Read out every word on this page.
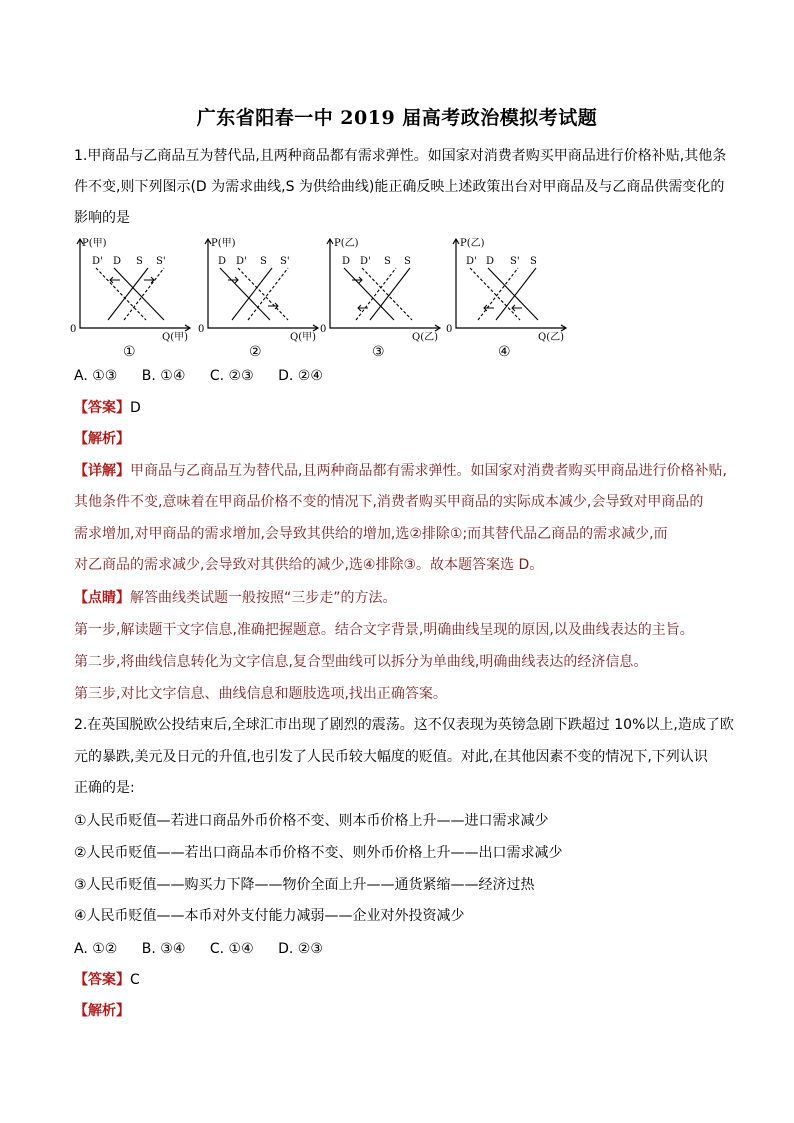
广东省阳春一中 2019 届高考政治模拟考试题
1.甲商品与乙商品互为替代品,且两种商品都有需求弹性。如国家对消费者购买甲商品进行价格补贴,其他条
件不变,则下列图示(D 为需求曲线,S 为供给曲线)能正确反映上述政策出台对甲商品及与乙商品供需变化的
影响的是
P(甲)
0
Q(甲)
D' D S S'
①
P(甲)
0
Q(甲)
D D' S S'
②
P(乙)
0
Q(乙)
D D' S S
③
P(乙)
0
Q(乙)
D' D S' S
④
A. ①③ B. ①④ C. ②③ D. ②④
【答案】D
【解析】
【详解】甲商品与乙商品互为替代品,且两种商品都有需求弹性。如国家对消费者购买甲商品进行价格补贴,
其他条件不变,意味着在甲商品价格不变的情况下,消费者购买甲商品的实际成本减少,会导致对甲商品的
需求增加,对甲商品的需求增加,会导致其供给的增加,选②排除①;而其替代品乙商品的需求减少,而
对乙商品的需求减少,会导致对其供给的减少,选④排除③。故本题答案选 D。
【点睛】解答曲线类试题一般按照“三步走”的方法。
第一步,解读题干文字信息,准确把握题意。结合文字背景,明确曲线呈现的原因,以及曲线表达的主旨。
第二步,将曲线信息转化为文字信息,复合型曲线可以拆分为单曲线,明确曲线表达的经济信息。
第三步,对比文字信息、曲线信息和题肢选项,找出正确答案。
2.在英国脱欧公投结束后,全球汇市出现了剧烈的震荡。这不仅表现为英镑急剧下跌超过 10%以上,造成了欧
元的暴跌,美元及日元的升值,也引发了人民币较大幅度的贬值。对此,在其他因素不变的情况下,下列认识
正确的是:
①人民币贬值—若进口商品外币价格不变、则本币价格上升——进口需求减少
②人民币贬值——若出口商品本币价格不变、则外币价格上升——出口需求减少
③人民币贬值——购买力下降——物价全面上升——通货紧缩——经济过热
④人民币贬值——本币对外支付能力减弱——企业对外投资减少
A. ①② B. ③④ C. ①④ D. ②③
【答案】C
【解析】
